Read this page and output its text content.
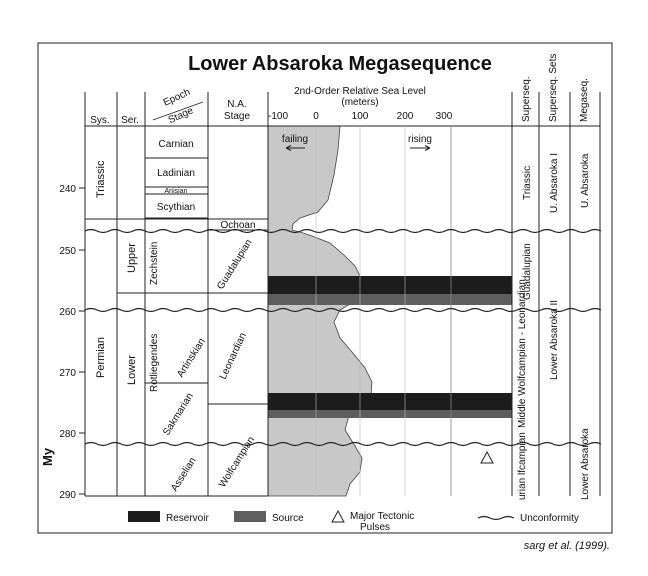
Lower Absaroka Megasequence
Sys. Ser.
Epoch
Stage
N.A.
Stage
2nd-Order Relative Sea Level
(meters)
-100	0	100	200 300	Superseq. Superseq. Sets Megaseq.
failing	rising
240
250
260
270
280
290
My
Triassic
Permian
Upper
Lower
Zechstein
Rotliegendes
Carnian
Ladinian
Anisian
Scythian
Artinskian
Sakmarian
Asselian
Ochoan
Guadalupian
Leonardian
Wolfcampian
Triassic
Guadalupian
Middle Wolfcampian - Leonardian
urian lfcampian
U. Absaroka I
Lower Absaroka II
U. Absaroka
Lower Absaroka
Reservoir	Source	Major Tectonic Pulses
Unconformity
sarg et al. (1999).
